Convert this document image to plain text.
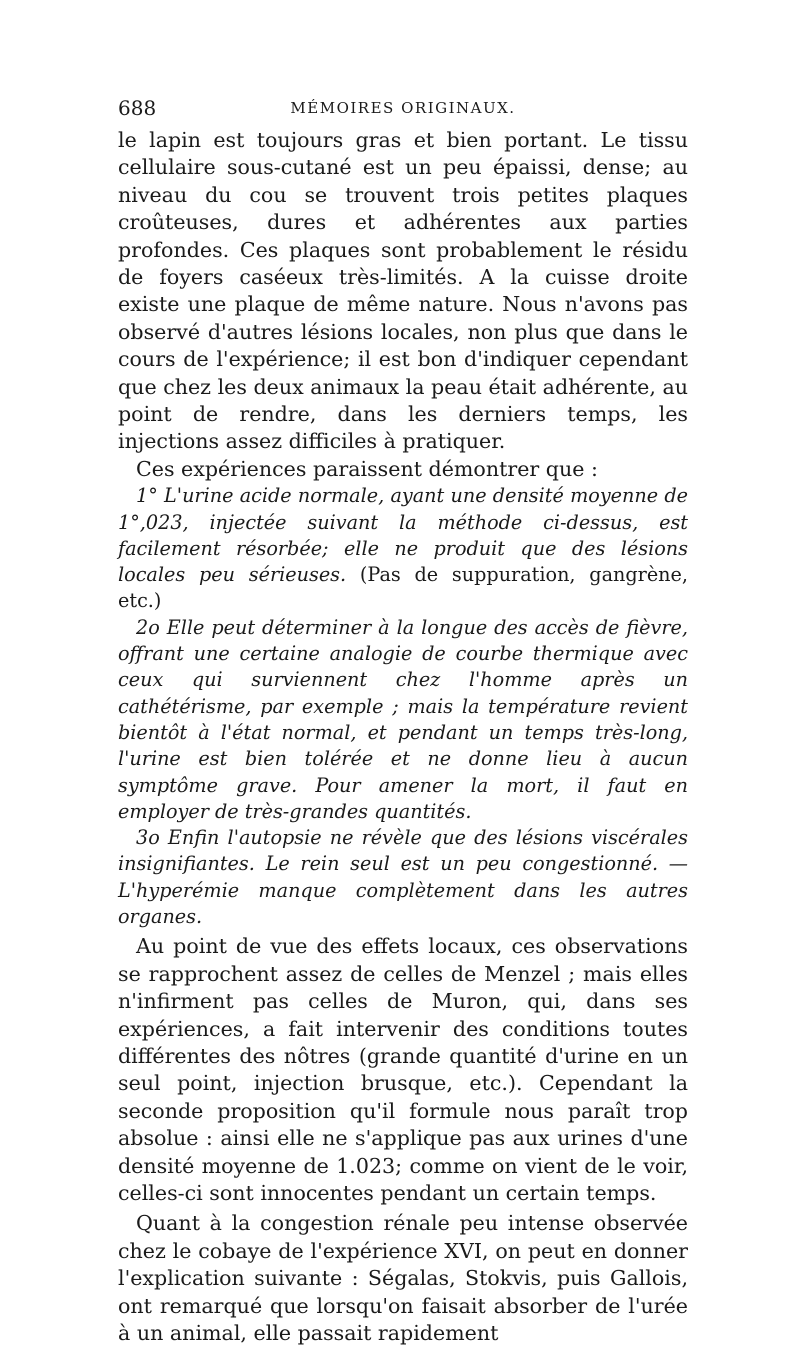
688	MÉMOIRES ORIGINAUX.

le lapin est toujours gras et bien portant. Le tissu cellulaire sous-cutané est un peu épaissi, dense; au niveau du cou se trouvent trois petites plaques croûteuses, dures et adhérentes aux parties profondes. Ces plaques sont probablement le résidu de foyers caséeux très-limités. A la cuisse droite existe une plaque de même nature. Nous n'avons pas observé d'autres lésions locales, non plus que dans le cours de l'expérience; il est bon d'indiquer cependant que chez les deux animaux la peau était adhérente, au point de rendre, dans les derniers temps, les injections assez difficiles à pratiquer.

Ces expériences paraissent démontrer que :

1° L'urine acide normale, ayant une densité moyenne de 1°,023, injectée suivant la méthode ci-dessus, est facilement résorbée; elle ne produit que des lésions locales peu sérieuses. (Pas de suppuration, gangrène, etc.)

2o Elle peut déterminer à la longue des accès de fièvre, offrant une certaine analogie de courbe thermique avec ceux qui surviennent chez l'homme après un cathétérisme, par exemple ; mais la température revient bientôt à l'état normal, et pendant un temps très-long, l'urine est bien tolérée et ne donne lieu à aucun symptôme grave. Pour amener la mort, il faut en employer de très-grandes quantités.

3o Enfin l'autopsie ne révèle que des lésions viscérales insignifiantes. Le rein seul est un peu congestionné. — L'hyperémie manque complètement dans les autres organes.

Au point de vue des effets locaux, ces observations se rapprochent assez de celles de Menzel ; mais elles n'infirment pas celles de Muron, qui, dans ses expériences, a fait intervenir des conditions toutes différentes des nôtres (grande quantité d'urine en un seul point, injection brusque, etc.). Cependant la seconde proposition qu'il formule nous paraît trop absolue : ainsi elle ne s'applique pas aux urines d'une densité moyenne de 1.023; comme on vient de le voir, celles-ci sont innocentes pendant un certain temps.

Quant à la congestion rénale peu intense observée chez le cobaye de l'expérience XVI, on peut en donner l'explication suivante : Ségalas, Stokvis, puis Gallois, ont remarqué que lorsqu'on faisait absorber de l'urée à un animal, elle passait rapidement
